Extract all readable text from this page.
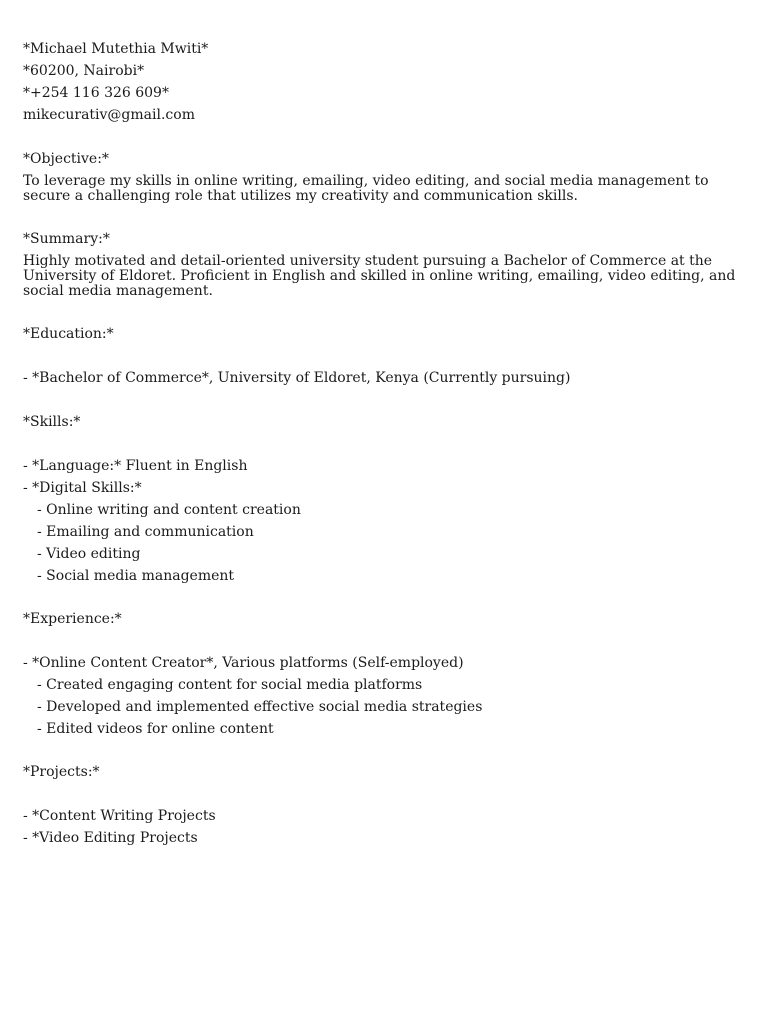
*Michael Mutethia Mwiti*
*60200, Nairobi*
*+254 116 326 609*
mikecurativ@gmail.com
*Objective:*
To leverage my skills in online writing, emailing, video editing, and social media management to secure a challenging role that utilizes my creativity and communication skills.
*Summary:*
Highly motivated and detail-oriented university student pursuing a Bachelor of Commerce at the University of Eldoret. Proficient in English and skilled in online writing, emailing, video editing, and social media management.
*Education:*
- *Bachelor of Commerce*, University of Eldoret, Kenya (Currently pursuing)
*Skills:*
- *Language:* Fluent in English
- *Digital Skills:*
- Online writing and content creation
- Emailing and communication
- Video editing
- Social media management
*Experience:*
- *Online Content Creator*, Various platforms (Self-employed)
- Created engaging content for social media platforms
- Developed and implemented effective social media strategies
- Edited videos for online content
*Projects:*
- *Content Writing Projects
- *Video Editing Projects
